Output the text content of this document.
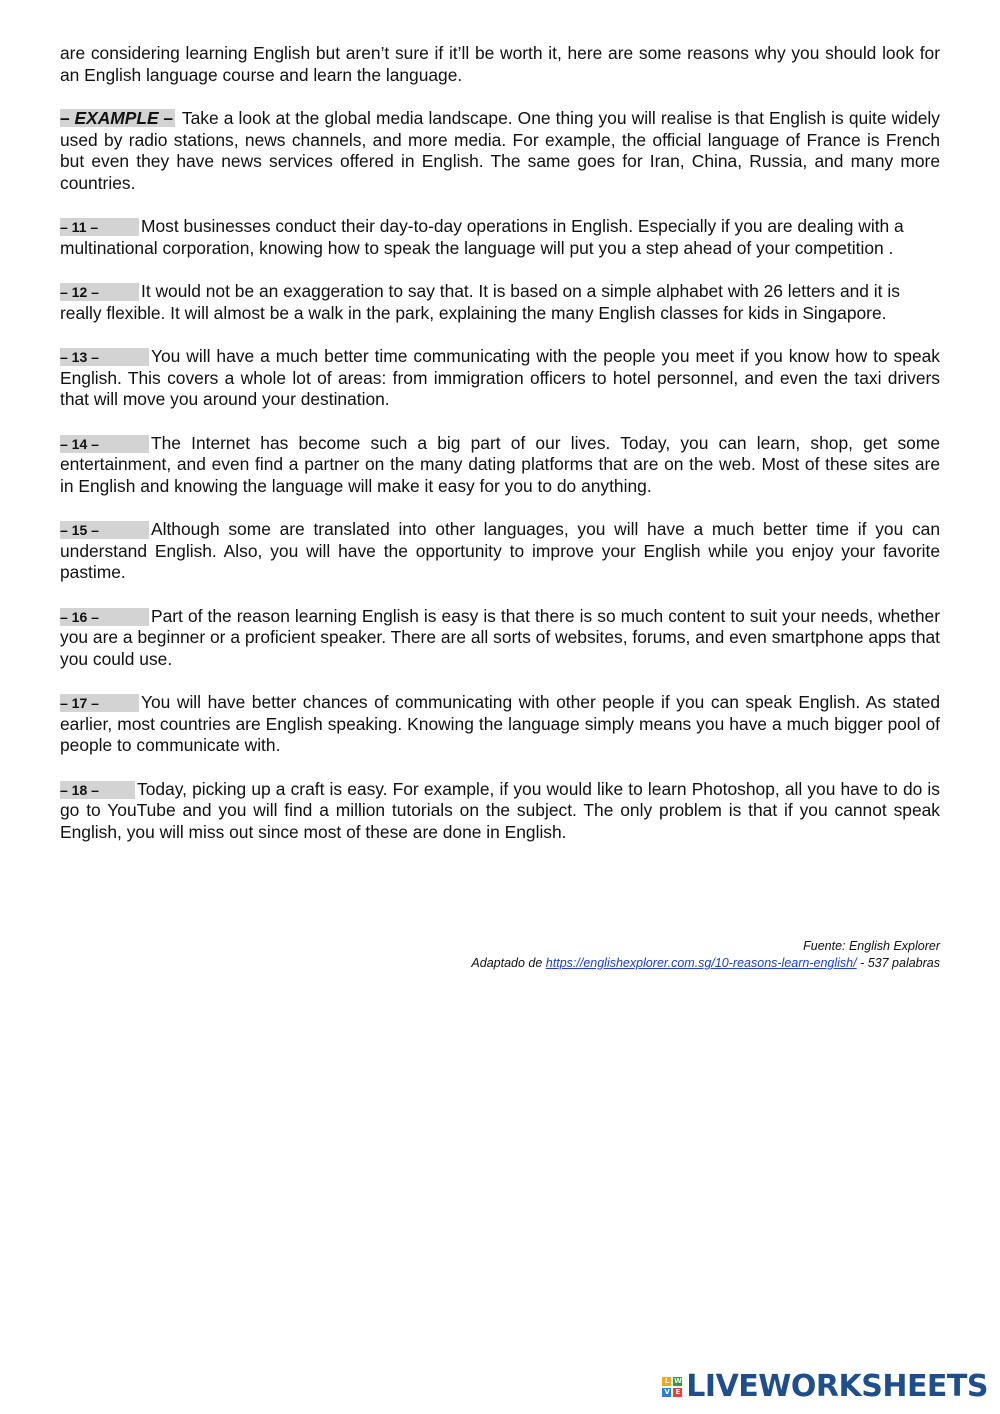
are considering learning English but aren’t sure if it’ll be worth it, here are some reasons why you should look for an English language course and learn the language.

– EXAMPLE – Take a look at the global media landscape. One thing you will realise is that English is quite widely used by radio stations, news channels, and more media. For example, the official language of France is French but even they have news services offered in English. The same goes for Iran, China, Russia, and many more countries.

– 11 – Most businesses conduct their day-to-day operations in English. Especially if you are dealing with a multinational corporation, knowing how to speak the language will put you a step ahead of your competition .

– 12 – It would not be an exaggeration to say that. It is based on a simple alphabet with 26 letters and it is really flexible. It will almost be a walk in the park, explaining the many English classes for kids in Singapore.

– 13 –	You will have a much better time communicating with the people you meet if you know how to speak English. This covers a whole lot of areas: from immigration officers to hotel personnel, and even the taxi drivers that will move you around your destination.

– 14 –	The Internet has become such a big part of our lives. Today, you can learn, shop, get some entertainment, and even find a partner on the many dating platforms that are on the web. Most of these sites are in English and knowing the language will make it easy for you to do anything.

– 15 –	Although some are translated into other languages, you will have a much better time if you can understand English. Also, you will have the opportunity to improve your English while you enjoy your favorite pastime.

– 16 –	Part of the reason learning English is easy is that there is so much content to suit your needs, whether you are a beginner or a proficient speaker. There are all sorts of websites, forums, and even smartphone apps that you could use.

– 17 – You will have better chances of communicating with other people if you can speak English. As stated earlier, most countries are English speaking. Knowing the language simply means you have a much bigger pool of people to communicate with.

– 18 – Today, picking up a craft is easy. For example, if you would like to learn Photoshop, all you have to do is go to YouTube and you will find a million tutorials on the subject. The only problem is that if you cannot speak English, you will miss out since most of these are done in English.

Fuente: English Explorer
Adaptado de https://englishexplorer.com.sg/10-reasons-learn-english/ - 537 palabras
L W
V E LIVEWORKSHEETS
